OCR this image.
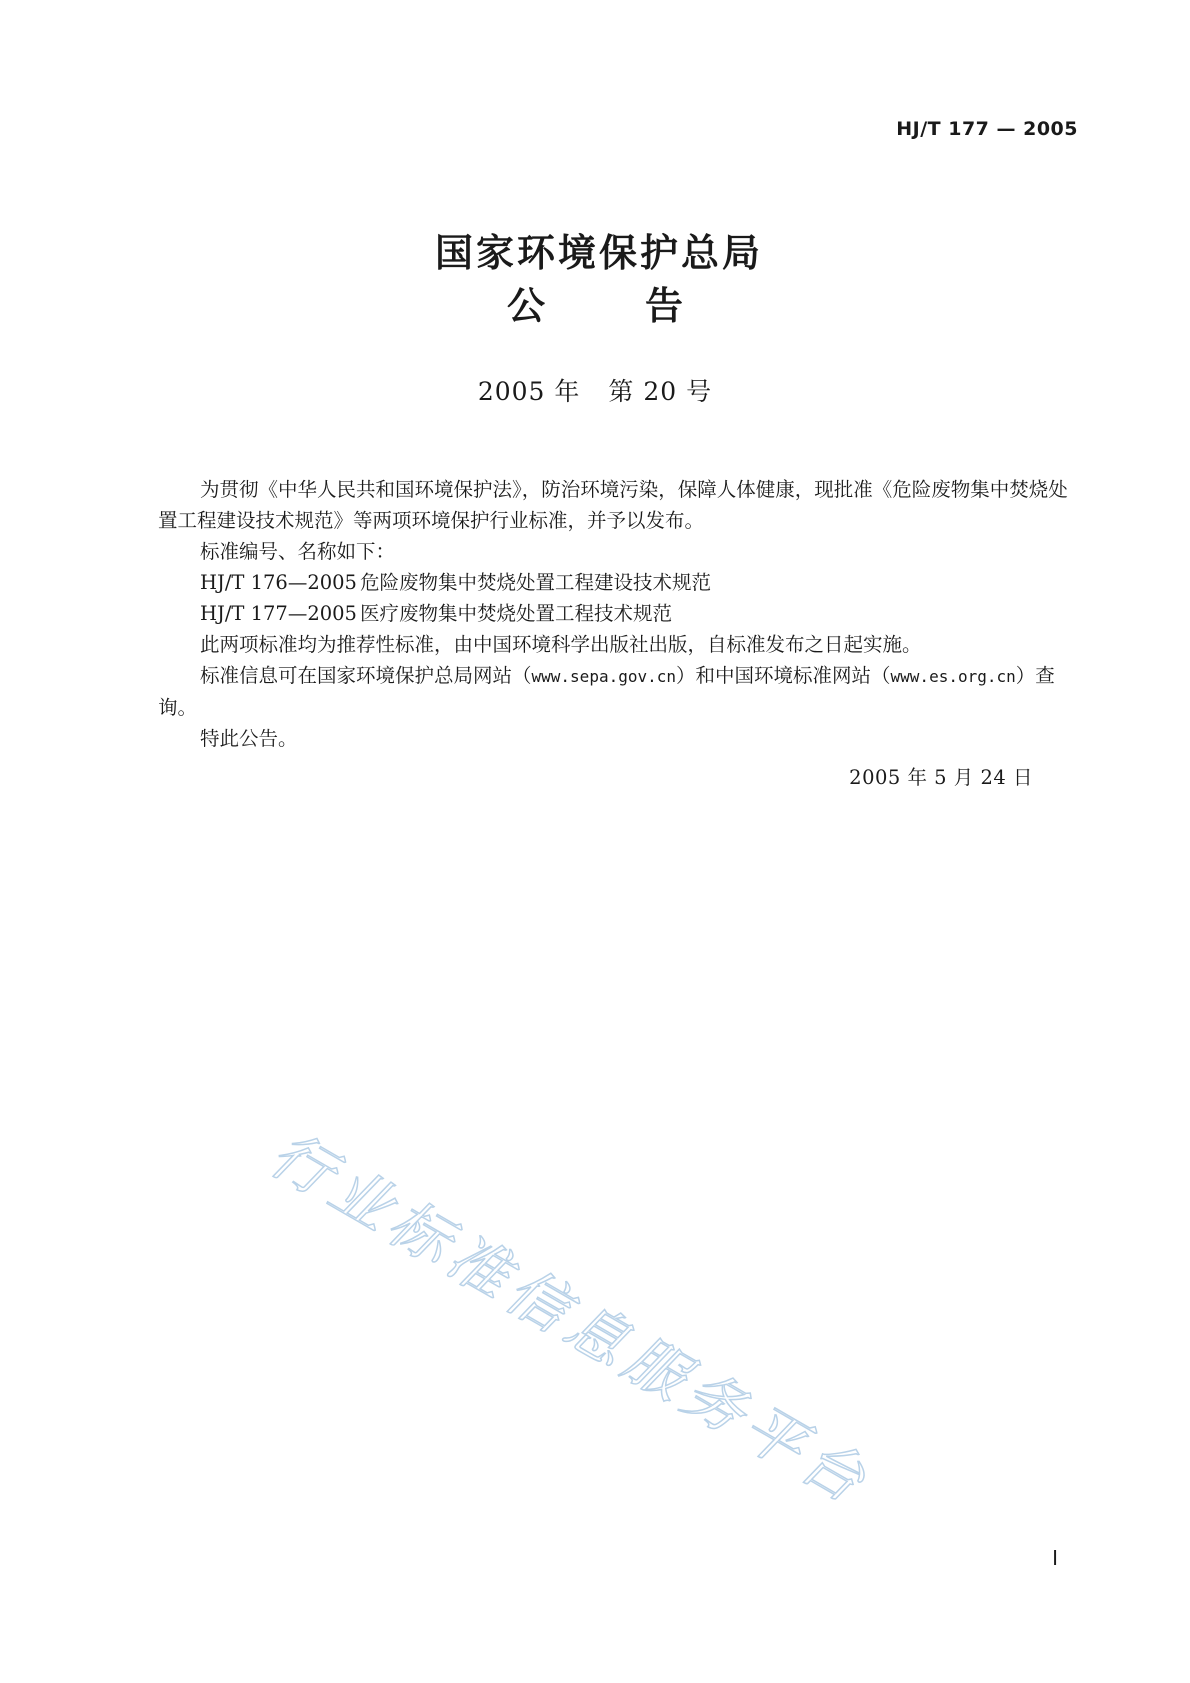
HJ/T 177 — 2005
国家环境保护总局
公告
2005 年 第 20 号

为贯彻《中华人民共和国环境保护法》，防治环境污染，保障人体健康，现批准《危险废物集中焚烧处置工程建设技术规范》等两项环境保护行业标准，并予以发布。

标准编号、名称如下：

HJ/T 176—2005 危险废物集中焚烧处置工程建设技术规范

HJ/T 177—2005 医疗废物集中焚烧处置工程技术规范

此两项标准均为推荐性标准，由中国环境科学出版社出版，自标准发布之日起实施。

标准信息可在国家环境保护总局网站（www.sepa.gov.cn）和中国环境标准网站（www.es.org.cn）查询。

特此公告。

2005 年 5 月 24 日
行业标准信息服务平台
I
